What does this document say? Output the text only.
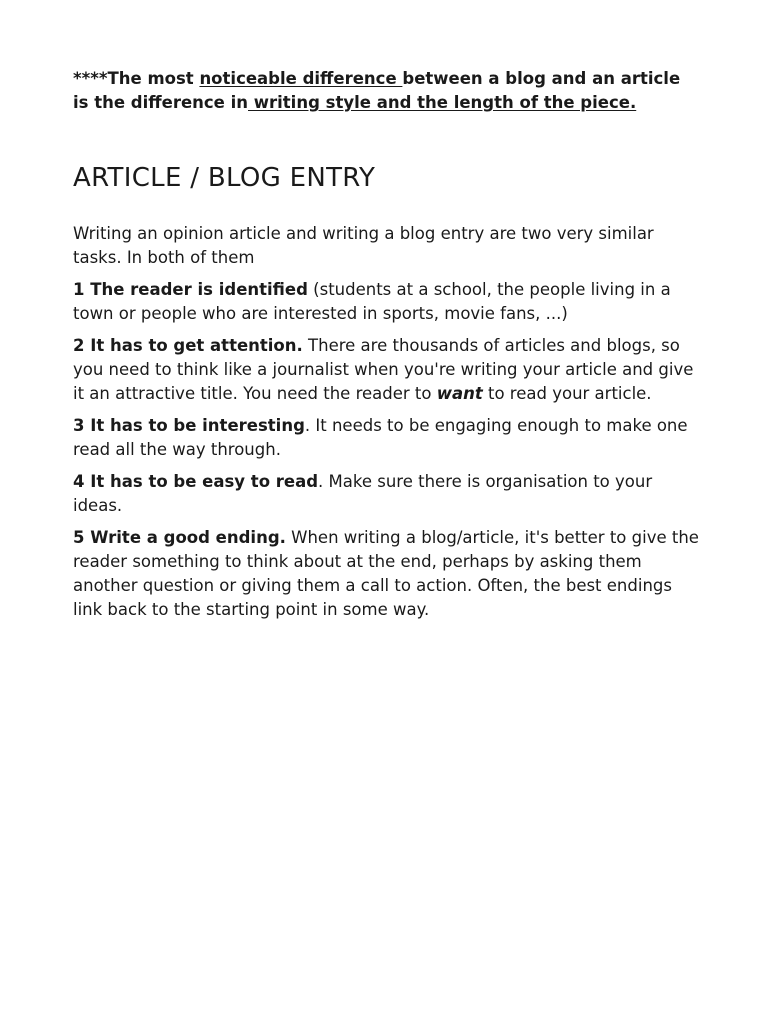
****The most noticeable difference between a blog and an article is the difference in writing style and the length of the piece.

ARTICLE / BLOG ENTRY

Writing an opinion article and writing a blog entry are two very similar tasks. In both of them

1 The reader is identified (students at a school, the people living in a town or people who are interested in sports, movie fans, ...)

2 It has to get attention. There are thousands of articles and blogs, so you need to think like a journalist when you're writing your article and give it an attractive title. You need the reader to want to read your article.

3 It has to be interesting. It needs to be engaging enough to make one read all the way through.

4 It has to be easy to read. Make sure there is organisation to your ideas.

5 Write a good ending. When writing a blog/article, it's better to give the reader something to think about at the end, perhaps by asking them another question or giving them a call to action. Often, the best endings link back to the starting point in some way.
